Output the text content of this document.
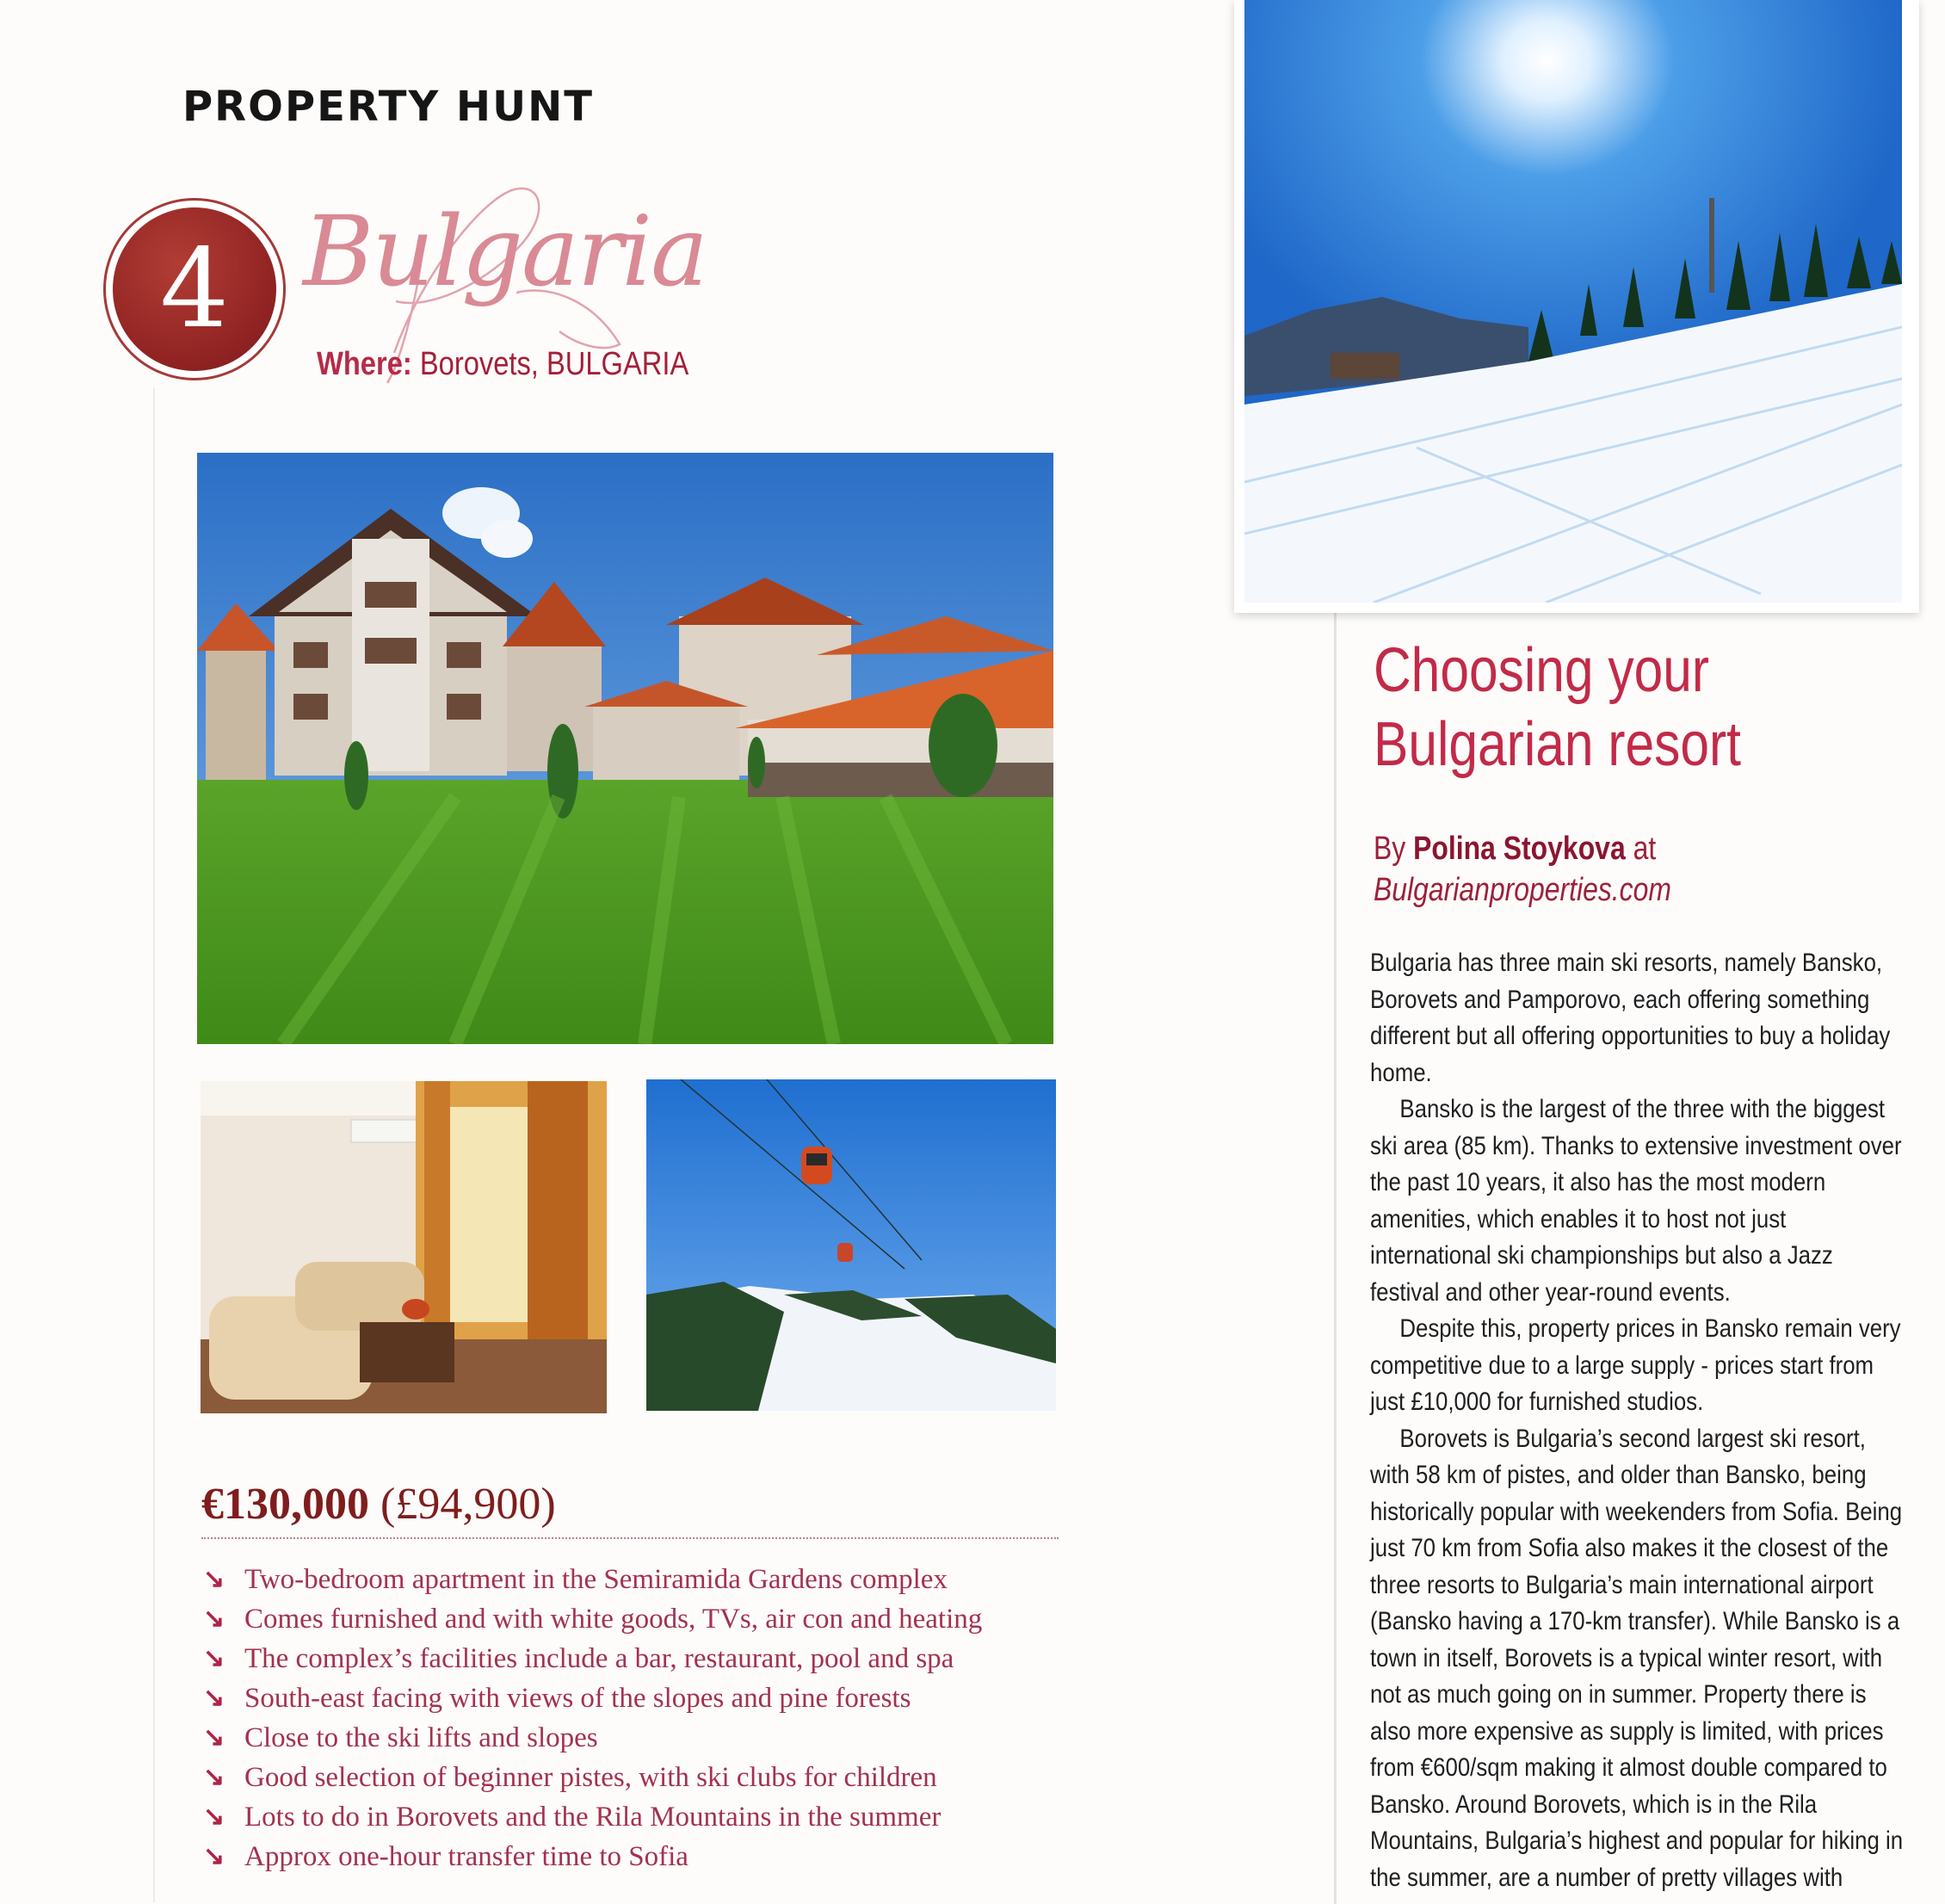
PROPERTY HUNT
4 Bulgaria
Where: Borovets, BULGARIA
€130,000 (£94,900)
↘ Two-bedroom apartment in the Semiramida Gardens complex
↘ Comes furnished and with white goods, TVs, air con and heating
↘ The complex’s facilities include a bar, restaurant, pool and spa
↘ South-east facing with views of the slopes and pine forests
↘ Close to the ski lifts and slopes
↘ Good selection of beginner pistes, with ski clubs for children
↘ Lots to do in Borovets and the Rila Mountains in the summer
↘ Approx one-hour transfer time to Sofia
Choosing your
Bulgarian resort
By Polina Stoykova at
Bulgarianproperties.com

Bulgaria has three main ski resorts, namely Bansko, Borovets and Pamporovo, each offering something different but all offering opportunities to buy a holiday home.

Bansko is the largest of the three with the biggest ski area (85 km). Thanks to extensive investment over the past 10 years, it also has the most modern amenities, which enables it to host not just international ski championships but also a Jazz festival and other year-round events.

Despite this, property prices in Bansko remain very competitive due to a large supply - prices start from just £10,000 for furnished studios.

Borovets is Bulgaria’s second largest ski resort, with 58 km of pistes, and older than Bansko, being historically popular with weekenders from Sofia. Being just 70 km from Sofia also makes it the closest of the three resorts to Bulgaria’s main international airport (Bansko having a 170-km transfer). While Bansko is a town in itself, Borovets is a typical winter resort, with not as much going on in summer. Property there is also more expensive as supply is limited, with prices from €600/sqm making it almost double compared to Bansko. Around Borovets, which is in the Rila Mountains, Bulgaria’s highest and popular for hiking in the summer, are a number of pretty villages with
